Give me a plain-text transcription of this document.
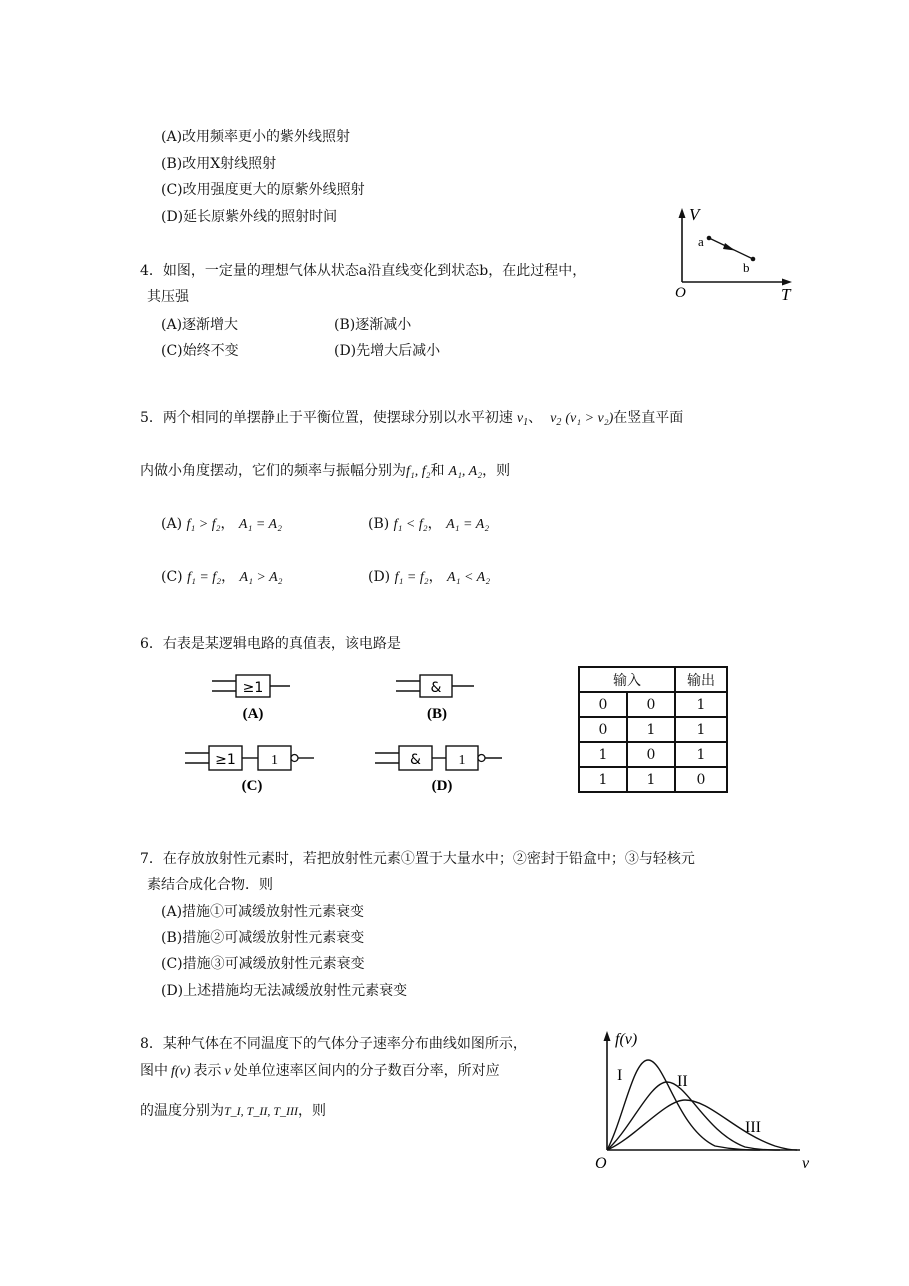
(A)改用频率更小的紫外线照射
(B)改用X射线照射
(C)改用强度更大的原紫外线照射
(D)延长原紫外线的照射时间
4．如图，一定量的理想气体从状态a沿直线变化到状态b，在此过程中，
其压强
(A)逐渐增大	(B)逐渐减小
(C)始终不变	(D)先增大后减小
V
T
O
a
b
5．两个相同的单摆静止于平衡位置，使摆球分别以水平初速 $v_1$、 $v_2$ (v₁ > v₂)在竖直平面
内做小角度摆动，它们的频率与振幅分别为f₁, f₂和 A₁, A₂，则
(A) f₁ > f₂， A₁ = A₂	(B) f₁ < f₂， A₁ = A₂
(C) f₁ = f₂， A₁ > A₂	(D) f₁ = f₂， A₁ < A₂
6．右表是某逻辑电路的真值表，该电路是
≥1
(A)
&
(B)
≥1	1
(C)
&	1
(D)
输入		输出
0	0	1
0	1	1
1	0	1
1	1	0
7．在存放放射性元素时，若把放射性元素①置于大量水中；②密封于铅盒中；③与轻核元
素结合成化合物．则
(A)措施①可减缓放射性元素衰变
(B)措施②可减缓放射性元素衰变
(C)措施③可减缓放射性元素衰变
(D)上述措施均无法减缓放射性元素衰变
8．某种气体在不同温度下的气体分子速率分布曲线如图所示，
图中 f(v) 表示 v 处单位速率区间内的分子数百分率，所对应
的温度分别为T_I, T_II, T_III，则
f(v)
v
O
I	II
III
